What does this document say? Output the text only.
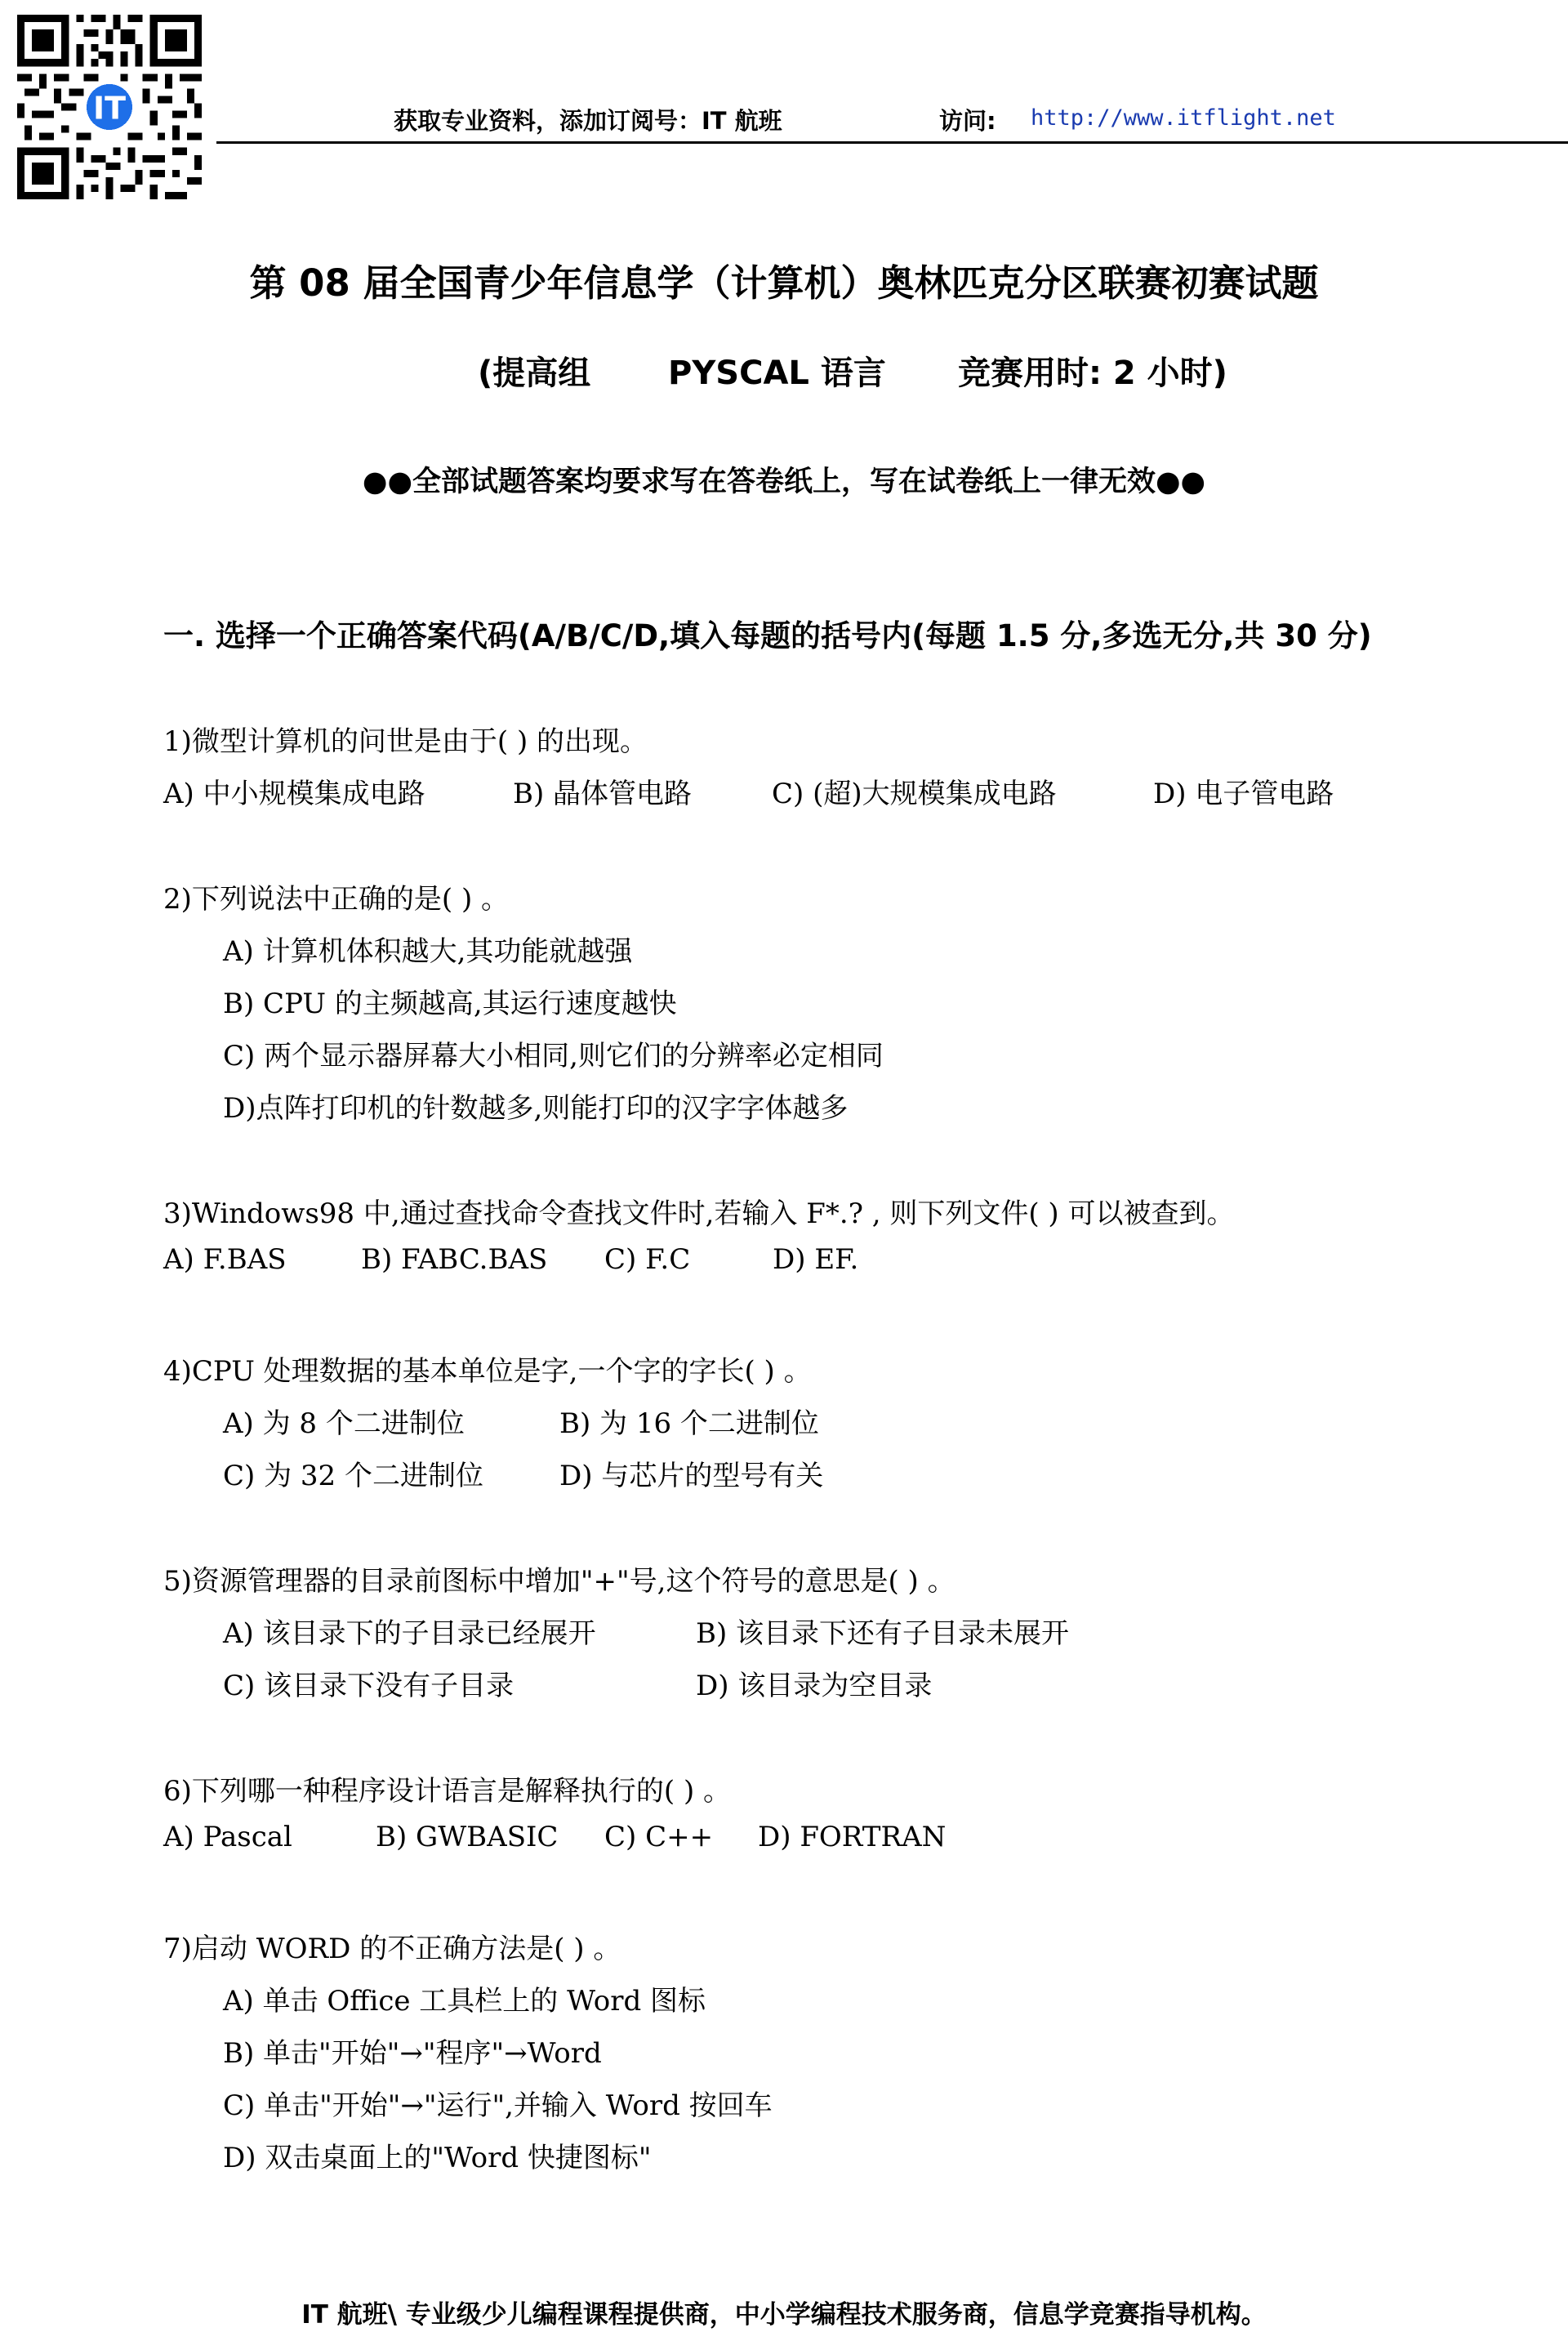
IT	获取专业资料，添加订阅号：IT 航班	访问: http://www.itflight.net
第 08 届全国青少年信息学（计算机）奥林匹克分区联赛初赛试题
(提高组 PYSCAL 语言 竞赛用时: 2 小时)
●●全部试题答案均要求写在答卷纸上，写在试卷纸上一律无效●●
一. 选择一个正确答案代码(A/B/C/D,填入每题的括号内(每题 1.5 分,多选无分,共 30 分)
1)微型计算机的问世是由于( ) 的出现。
A) 中小规模集成电路	B) 晶体管电路	C) (超)大规模集成电路	D) 电子管电路
2)下列说法中正确的是( ) 。
A) 计算机体积越大,其功能就越强
B) CPU 的主频越高,其运行速度越快
C) 两个显示器屏幕大小相同,则它们的分辨率必定相同
D)点阵打印机的针数越多,则能打印的汉字字体越多
3)Windows98 中,通过查找命令查找文件时,若输入 F*.? , 则下列文件( ) 可以被查到。
A) F.BAS	B) FABC.BAS C) F.C	D) EF.
4)CPU 处理数据的基本单位是字,一个字的字长( ) 。
A) 为 8 个二进制位	B) 为 16 个二进制位
C) 为 32 个二进制位	D) 与芯片的型号有关
5)资源管理器的目录前图标中增加"+"号,这个符号的意思是( ) 。
A) 该目录下的子目录已经展开	B) 该目录下还有子目录未展开
C) 该目录下没有子目录	D) 该目录为空目录
6)下列哪一种程序设计语言是解释执行的( ) 。
A) Pascal	B) GWBASIC C) C++ D) FORTRAN
7)启动 WORD 的不正确方法是( ) 。
A) 单击 Office 工具栏上的 Word 图标
B) 单击"开始"→"程序"→Word
C) 单击"开始"→"运行",并输入 Word 按回车
D) 双击桌面上的"Word 快捷图标"
IT 航班\ 专业级少儿编程课程提供商，中小学编程技术服务商，信息学竞赛指导机构。
